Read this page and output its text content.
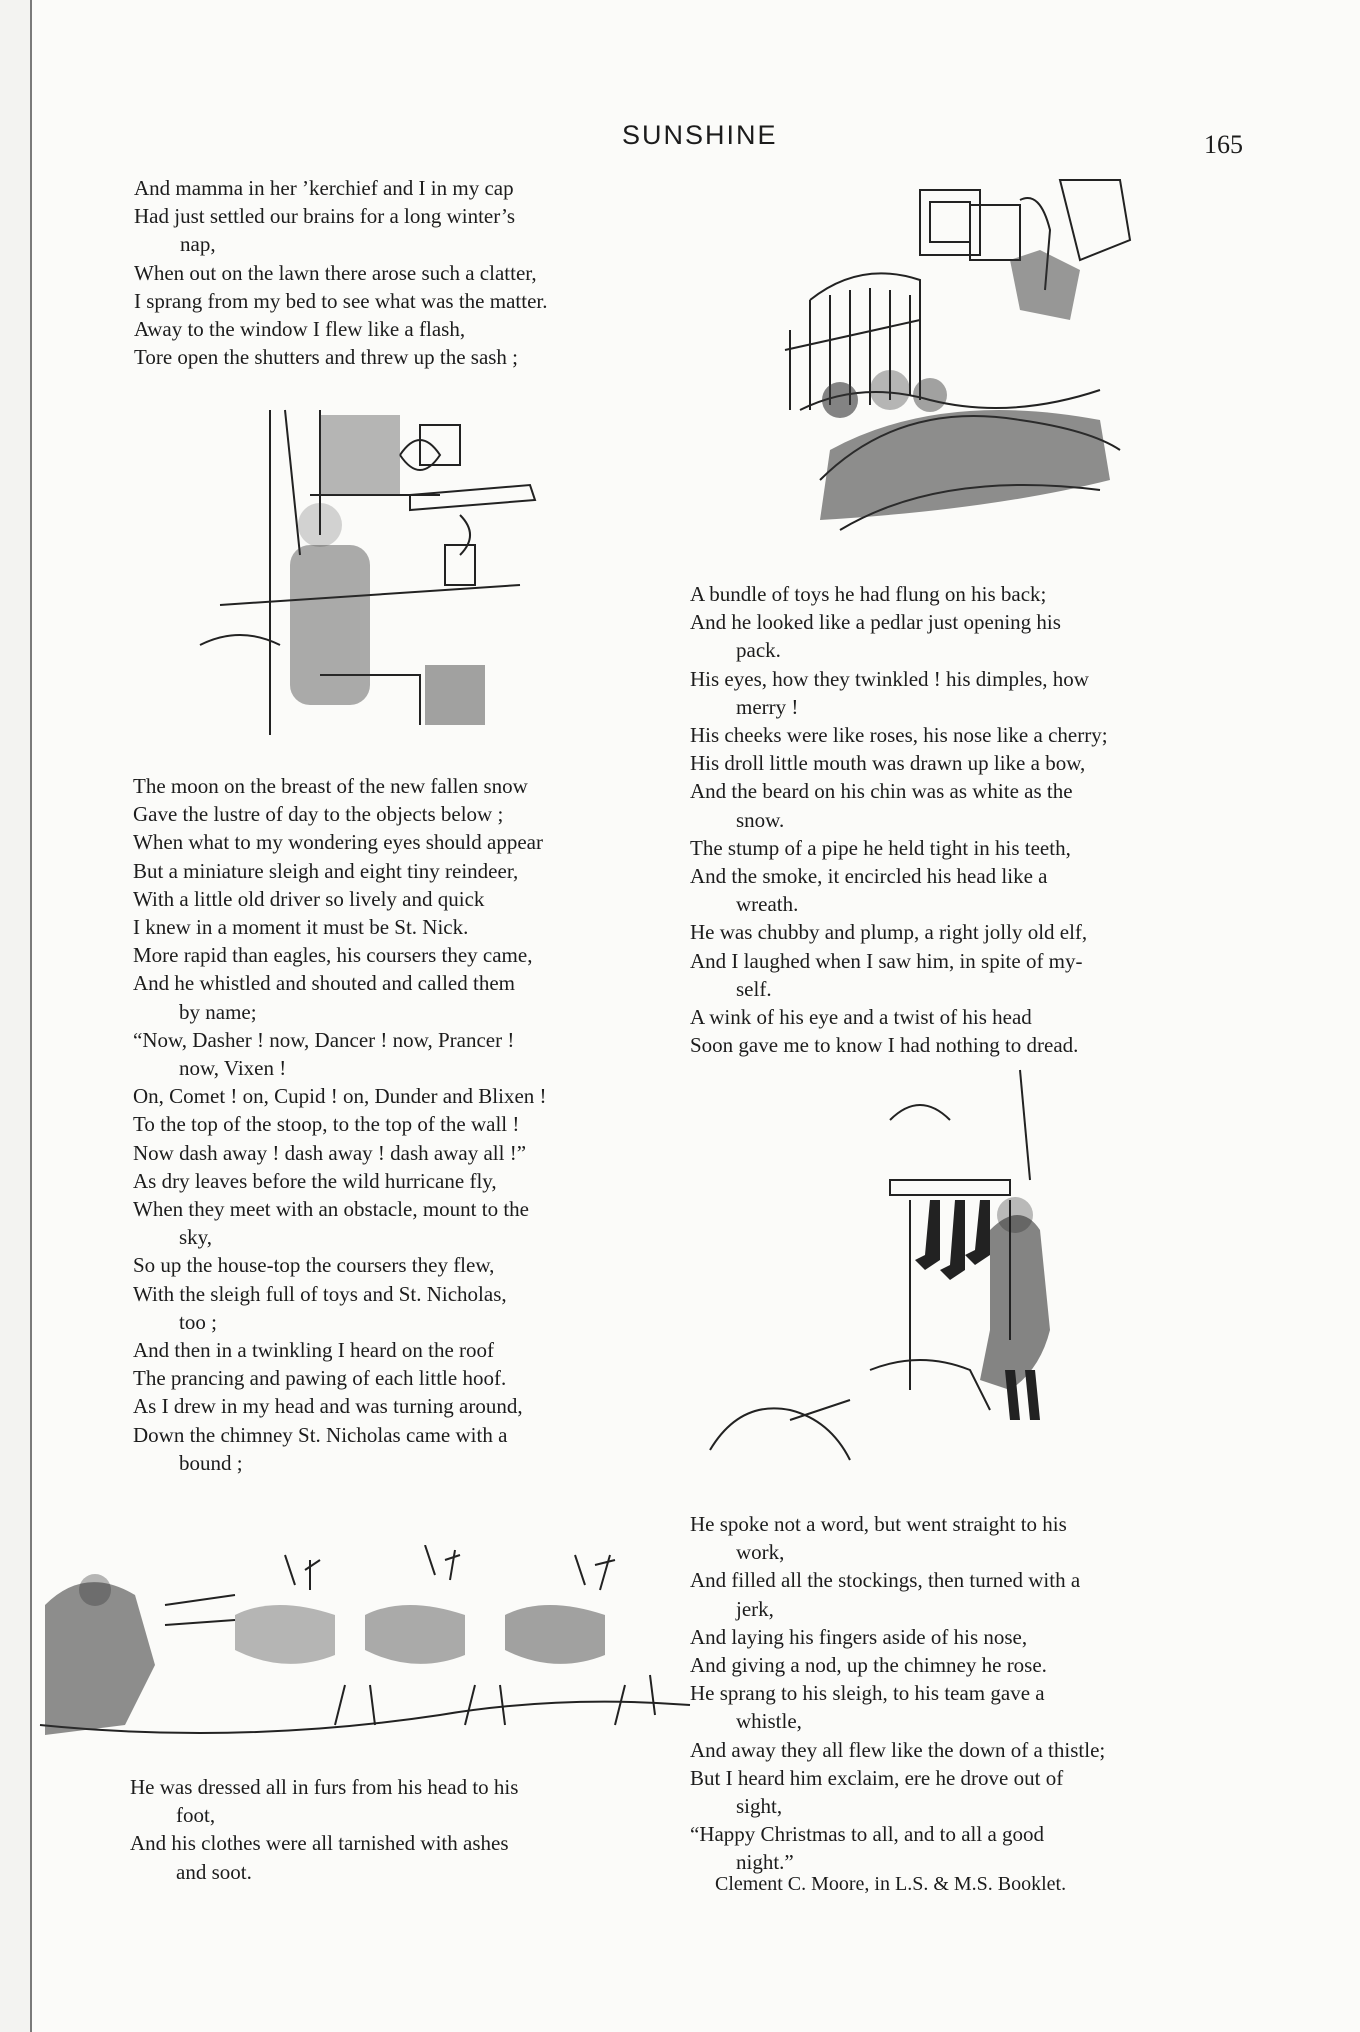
SUNSHINE	165
And mamma in her ’kerchief and I in my cap
Had just settled our brains for a long winter’s
nap,
When out on the lawn there arose such a clatter,
I sprang from my bed to see what was the matter.
Away to the window I flew like a flash,
Tore open the shutters and threw up the sash ;
The moon on the breast of the new fallen snow
Gave the lustre of day to the objects below ;
When what to my wondering eyes should appear
But a miniature sleigh and eight tiny reindeer,
With a little old driver so lively and quick
I knew in a moment it must be St. Nick.
More rapid than eagles, his coursers they came,
And he whistled and shouted and called them
by name;
“Now, Dasher ! now, Dancer ! now, Prancer !
now, Vixen !
On, Comet ! on, Cupid ! on, Dunder and Blixen !
To the top of the stoop, to the top of the wall !
Now dash away ! dash away ! dash away all !”
As dry leaves before the wild hurricane fly,
When they meet with an obstacle, mount to the
sky,
So up the house-top the coursers they flew,
With the sleigh full of toys and St. Nicholas,
too ;
And then in a twinkling I heard on the roof
The prancing and pawing of each little hoof.
As I drew in my head and was turning around,
Down the chimney St. Nicholas came with a
bound ;
He was dressed all in furs from his head to his
foot,
And his clothes were all tarnished with ashes
and soot.
A bundle of toys he had flung on his back;
And he looked like a pedlar just opening his
pack.
His eyes, how they twinkled ! his dimples, how
merry !
His cheeks were like roses, his nose like a cherry;
His droll little mouth was drawn up like a bow,
And the beard on his chin was as white as the
snow.
The stump of a pipe he held tight in his teeth,
And the smoke, it encircled his head like a
wreath.
He was chubby and plump, a right jolly old elf,
And I laughed when I saw him, in spite of my-
self.
A wink of his eye and a twist of his head
Soon gave me to know I had nothing to dread.
He spoke not a word, but went straight to his
work,
And filled all the stockings, then turned with a
jerk,
And laying his fingers aside of his nose,
And giving a nod, up the chimney he rose.
He sprang to his sleigh, to his team gave a
whistle,
And away they all flew like the down of a thistle;
But I heard him exclaim, ere he drove out of
sight,
“Happy Christmas to all, and to all a good
night.”
Clement C. Moore, in L.S. & M.S. Booklet.
